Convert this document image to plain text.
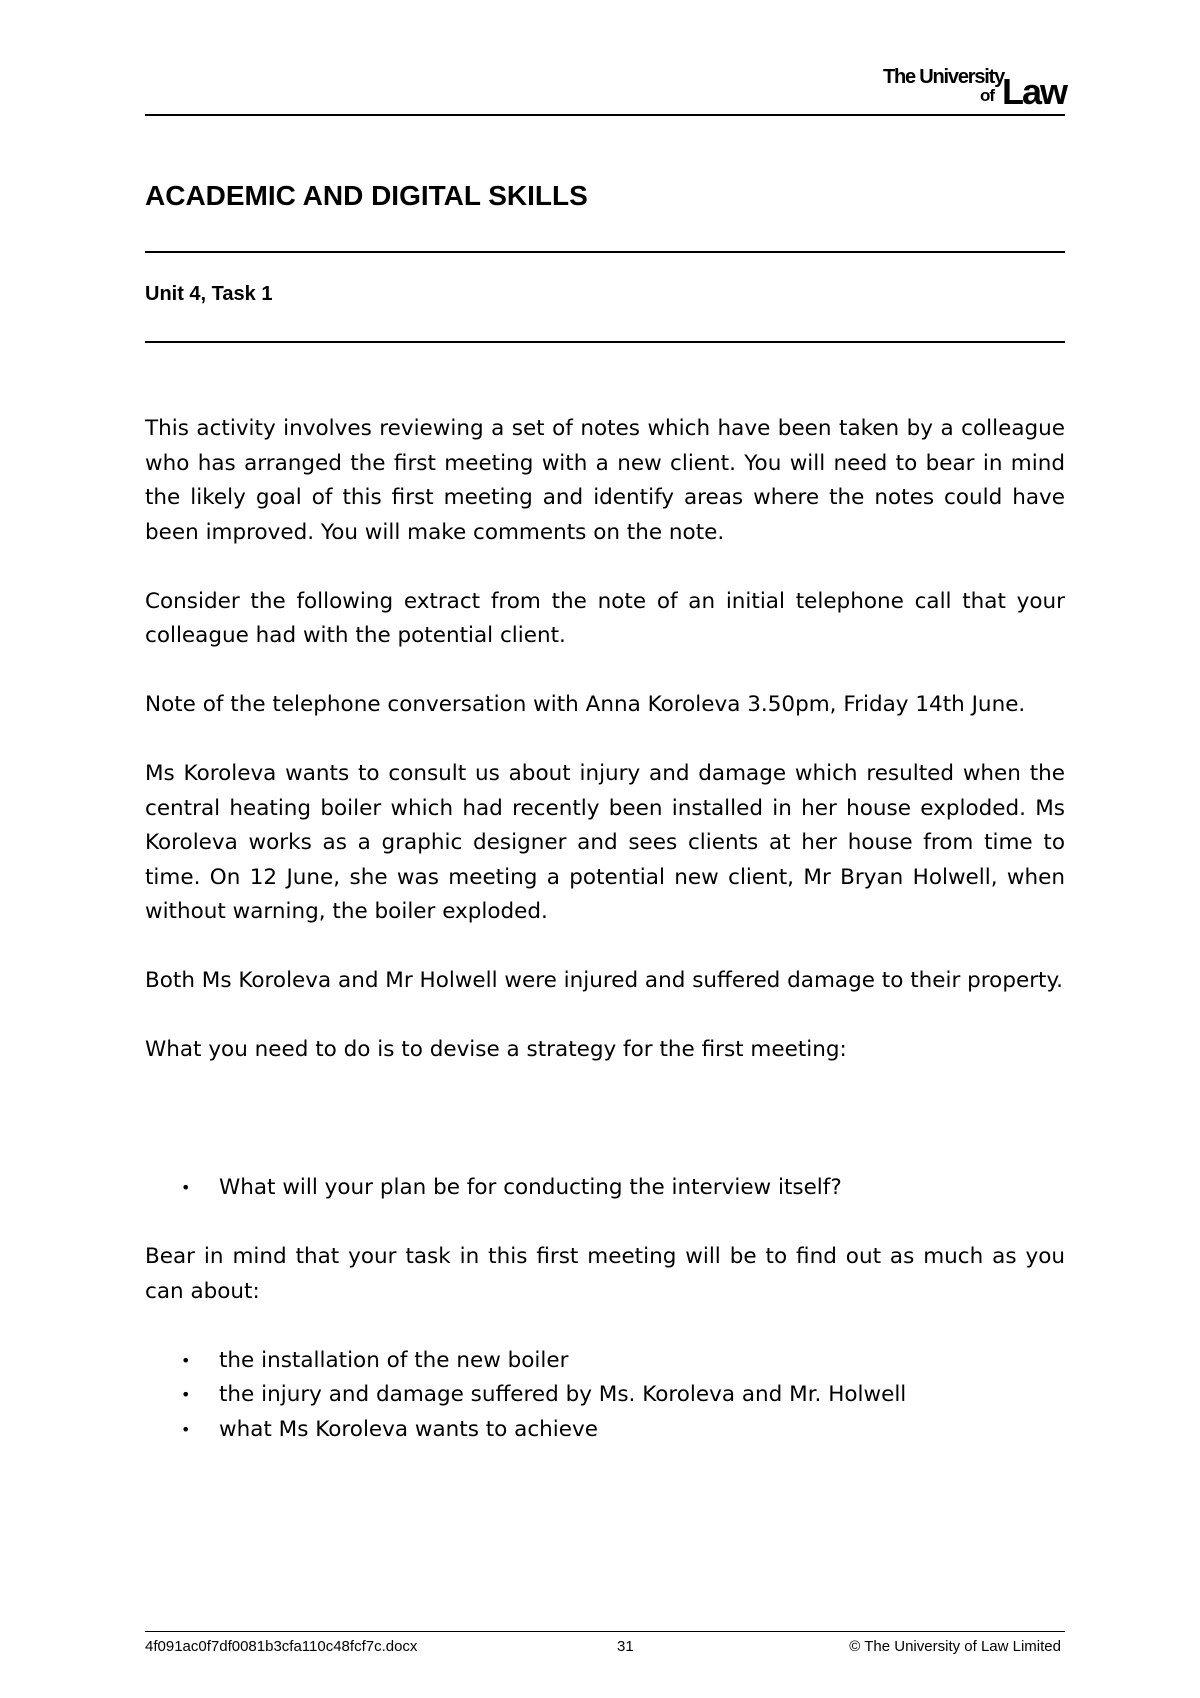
The University
of Law
ACADEMIC AND DIGITAL SKILLS
Unit 4, Task 1

This activity involves reviewing a set of notes which have been taken by a colleague who has arranged the first meeting with a new client. You will need to bear in mind the likely goal of this first meeting and identify areas where the notes could have been improved. You will make comments on the note.

Consider the following extract from the note of an initial telephone call that your colleague had with the potential client.

Note of the telephone conversation with Anna Koroleva 3.50pm, Friday 14th June.

Ms Koroleva wants to consult us about injury and damage which resulted when the central heating boiler which had recently been installed in her house exploded. Ms Koroleva works as a graphic designer and sees clients at her house from time to time. On 12 June, she was meeting a potential new client, Mr Bryan Holwell, when without warning, the boiler exploded.

Both Ms Koroleva and Mr Holwell were injured and suffered damage to their property.

What you need to do is to devise a strategy for the first meeting:

• What will your plan be for conducting the interview itself?

Bear in mind that your task in this first meeting will be to find out as much as you can about:

• the installation of the new boiler
• the injury and damage suffered by Ms. Koroleva and Mr. Holwell
• what Ms Koroleva wants to achieve
4f091ac0f7df0081b3cfa110c48fcf7c.docx	31	© The University of Law Limited
